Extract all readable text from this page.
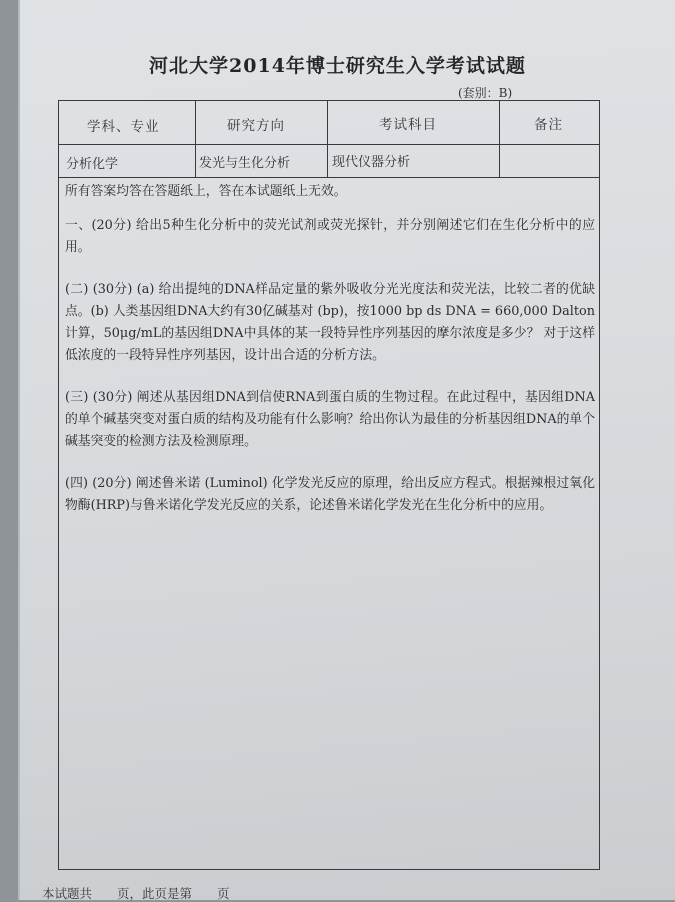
河北大学2014年博士研究生入学考试试题
(套别：B)
学科、专业	研究方向	考试科目	备注
分析化学	发光与生化分析	现代仪器分析

所有答案均答在答题纸上，答在本试题纸上无效。

一、(20分) 给出5种生化分析中的荧光试剂或荧光探针，并分别阐述它们在生化分析中的应用。

(二) (30分) (a) 给出提纯的DNA样品定量的紫外吸收分光光度法和荧光法，比较二者的优缺点。(b) 人类基因组DNA大约有30亿碱基对 (bp)，按1000 bp ds DNA = 660,000 Dalton计算，50μg/mL的基因组DNA中具体的某一段特异性序列基因的摩尔浓度是多少？ 对于这样低浓度的一段特异性序列基因，设计出合适的分析方法。

(三) (30分) 阐述从基因组DNA到信使RNA到蛋白质的生物过程。在此过程中，基因组DNA的单个碱基突变对蛋白质的结构及功能有什么影响？给出你认为最佳的分析基因组DNA的单个碱基突变的检测方法及检测原理。

(四) (20分) 阐述鲁米诺 (Luminol) 化学发光反应的原理，给出反应方程式。根据辣根过氧化物酶(HRP)与鲁米诺化学发光反应的关系，论述鲁米诺化学发光在生化分析中的应用。

本试题共　　页，此页是第　　页
